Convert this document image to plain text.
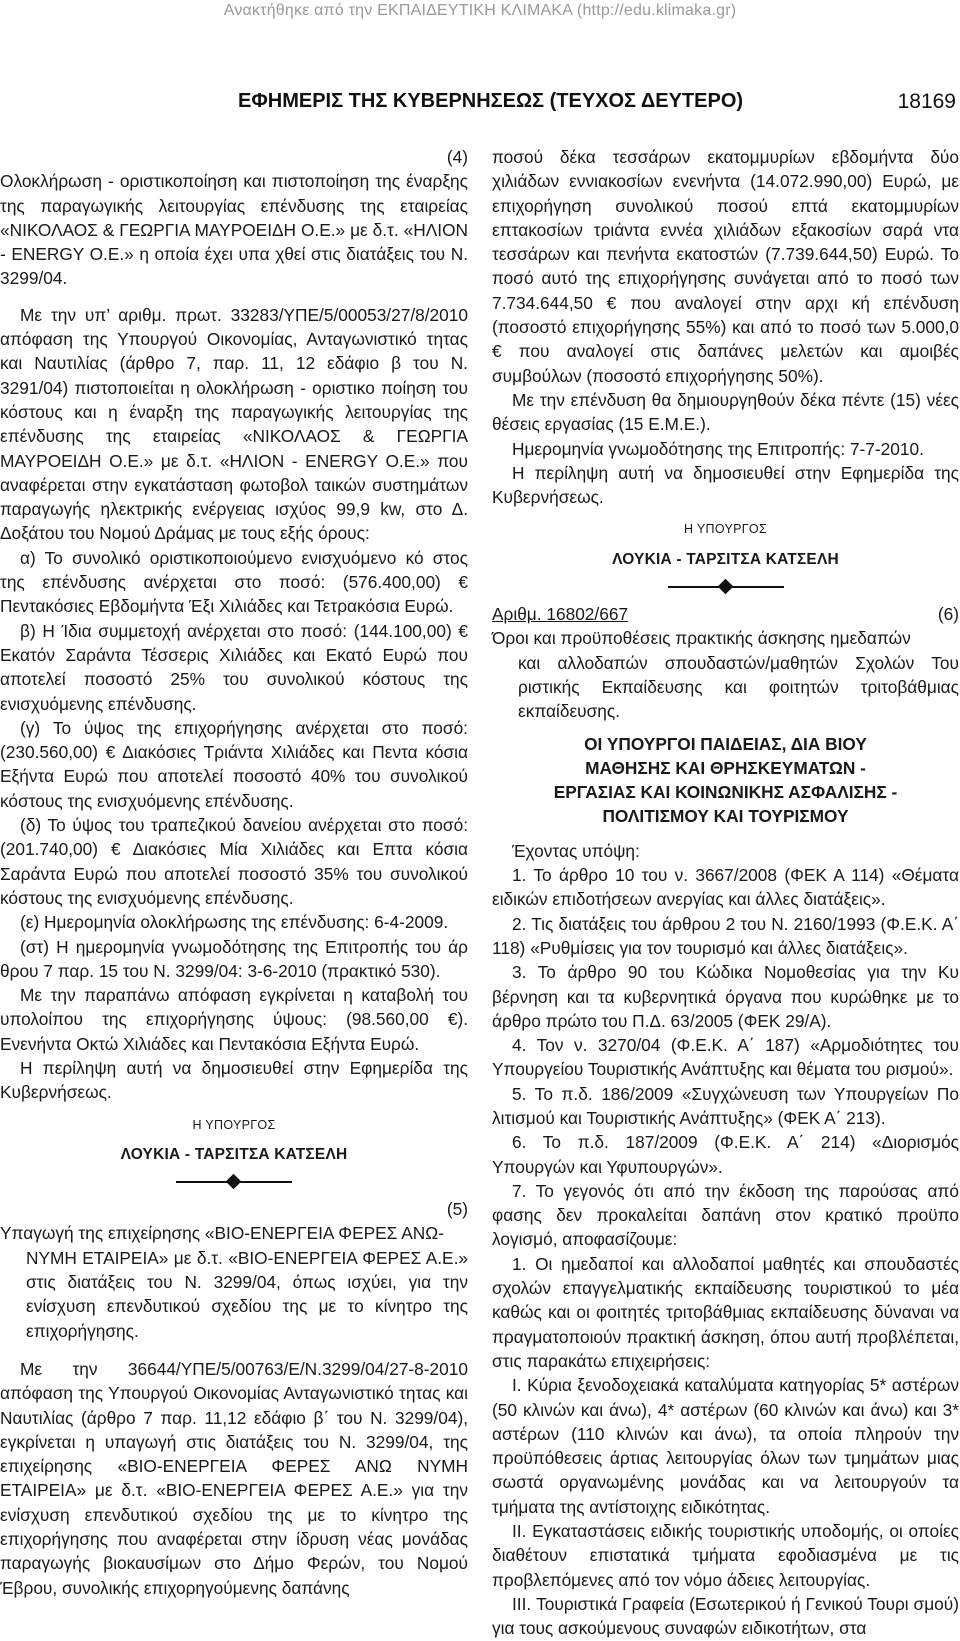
Ανακτήθηκε από την ΕΚΠΑΙΔΕΥΤΙΚΗ ΚΛΙΜΑΚΑ (http://edu.klimaka.gr)
ΕΦΗΜΕΡΙΣ ΤΗΣ ΚΥΒΕΡΝΗΣΕΩΣ (ΤΕΥΧΟΣ ΔΕΥΤΕΡΟ)	18169

(4)

Ολοκλήρωση - οριστικοποίηση και πιστοποίηση της έναρξης της παραγωγικής λειτουργίας επένδυσης της εταιρείας «ΝΙΚΟΛΑΟΣ & ΓΕΩΡΓΙΑ ΜΑΥΡΟΕΙΔΗ Ο.Ε.» με δ.τ. «ΗΛΙΟΝ - ENERGY Ο.Ε.» η οποία έχει υπα χθεί στις διατάξεις του Ν. 3299/04.

Με την υπ’ αριθμ. πρωτ. 33283/ΥΠΕ/5/00053/27/8/2010 απόφαση της Υπουργού Οικονομίας, Ανταγωνιστικό τητας και Ναυτιλίας (άρθρο 7, παρ. 11, 12 εδάφιο β του Ν. 3291/04) πιστοποιείται η ολοκλήρωση - οριστικο ποίηση του κόστους και η έναρξη της παραγωγικής λειτουργίας της επένδυσης της εταιρείας «ΝΙΚΟΛΑΟΣ & ΓΕΩΡΓΙΑ ΜΑΥΡΟΕΙΔΗ Ο.Ε.» με δ.τ. «ΗΛΙΟΝ - ENERGY Ο.Ε.» που αναφέρεται στην εγκατάσταση φωτοβολ ταικών συστημάτων παραγωγής ηλεκτρικής ενέργειας ισχύος 99,9 kw, στο Δ. Δοξάτου του Νομού Δράμας με τους εξής όρους:

α) Το συνολικό οριστικοποιούμενο ενισχυόμενο κό στος της επένδυσης ανέρχεται στο ποσό: (576.400,00) € Πεντακόσιες Εβδομήντα Έξι Χιλιάδες και Τετρακόσια Ευρώ.

β) Η Ίδια συμμετοχή ανέρχεται στο ποσό: (144.100,00) € Εκατόν Σαράντα Τέσσερις Χιλιάδες και Εκατό Ευρώ που αποτελεί ποσοστό 25% του συνολικού κόστους της ενισχυόμενης επένδυσης.

(γ) Το ύψος της επιχορήγησης ανέρχεται στο ποσό: (230.560,00) € Διακόσιες Τριάντα Χιλιάδες και Πεντα κόσια Εξήντα Ευρώ που αποτελεί ποσοστό 40% του συνολικού κόστους της ενισχυόμενης επένδυσης.

(δ) Το ύψος του τραπεζικού δανείου ανέρχεται στο ποσό: (201.740,00) € Διακόσιες Μία Χιλιάδες και Επτα κόσια Σαράντα Ευρώ που αποτελεί ποσοστό 35% του συνολικού κόστους της ενισχυόμενης επένδυσης.

(ε) Ημερομηνία ολοκλήρωσης της επένδυσης: 6-4-2009.

(στ) Η ημερομηνία γνωμοδότησης της Επιτροπής του άρ θρου 7 παρ. 15 του Ν. 3299/04: 3-6-2010 (πρακτικό 530).

Με την παραπάνω απόφαση εγκρίνεται η καταβολή του υπολοίπου της επιχορήγησης ύψους: (98.560,00 €). Ενενήντα Οκτώ Χιλιάδες και Πεντακόσια Εξήντα Ευρώ.

Η περίληψη αυτή να δημοσιευθεί στην Εφημερίδα της Κυβερνήσεως.

Η ΥΠΟΥΡΓΟΣ

ΛΟΥΚΙΑ - ΤΑΡΣΙΤΣΑ ΚΑΤΣΕΛΗ

(5)

Υπαγωγή της επιχείρησης «ΒΙΟ-ΕΝΕΡΓΕΙΑ ΦΕΡΕΣ ΑΝΩ-

ΝΥΜΗ ΕΤΑΙΡΕΙΑ» με δ.τ. «ΒΙΟ-ΕΝΕΡΓΕΙΑ ΦΕΡΕΣ Α.Ε.» στις διατάξεις του Ν. 3299/04, όπως ισχύει, για την ενίσχυση επενδυτικού σχεδίου της με το κίνητρο της επιχορήγησης.

Με την 36644/ΥΠΕ/5/00763/Ε/Ν.3299/04/27-8-2010 απόφαση της Υπουργού Οικονομίας Ανταγωνιστικό τητας και Ναυτιλίας (άρθρο 7 παρ. 11,12 εδάφιο β΄ του Ν. 3299/04), εγκρίνεται η υπαγωγή στις διατάξεις του Ν. 3299/04, της επιχείρησης «ΒΙΟ-ΕΝΕΡΓΕΙΑ ΦΕΡΕΣ ΑΝΩ ΝΥΜΗ ΕΤΑΙΡΕΙΑ» με δ.τ. «ΒΙΟ-ΕΝΕΡΓΕΙΑ ΦΕΡΕΣ Α.Ε.» για την ενίσχυση επενδυτικού σχεδίου της με το κίνητρο της επιχορήγησης που αναφέρεται στην ίδρυση νέας μονάδας παραγωγής βιοκαυσίμων στο Δήμο Φερών, του Νομού Έβρου, συνολικής επιχορηγούμενης δαπάνης

ποσού δέκα τεσσάρων εκατομμυρίων εβδομήντα δύο χιλιάδων εννιακοσίων ενενήντα (14.072.990,00) Ευρώ, με επιχορήγηση συνολικού ποσού επτά εκατομμυρίων επτακοσίων τριάντα εννέα χιλιάδων εξακοσίων σαρά ντα τεσσάρων και πενήντα εκατοστών (7.739.644,50) Ευρώ. Το ποσό αυτό της επιχορήγησης συνάγεται από το ποσό των 7.734.644,50 € που αναλογεί στην αρχι κή επένδυση (ποσοστό επιχορήγησης 55%) και από το ποσό των 5.000,0 € που αναλογεί στις δαπάνες μελετών και αμοιβές συμβούλων (ποσοστό επιχορήγησης 50%).

Με την επένδυση θα δημιουργηθούν δέκα πέντε (15) νέες θέσεις εργασίας (15 Ε.Μ.Ε.).

Ημερομηνία γνωμοδότησης της Επιτροπής: 7-7-2010.

Η περίληψη αυτή να δημοσιευθεί στην Εφημερίδα της Κυβερνήσεως.

Η ΥΠΟΥΡΓΟΣ

ΛΟΥΚΙΑ - ΤΑΡΣΙΤΣΑ ΚΑΤΣΕΛΗ

Αριθμ. 16802/667	(6)

Όροι και προϋποθέσεις πρακτικής άσκησης ημεδαπών

και αλλοδαπών σπουδαστών/μαθητών Σχολών Του ριστικής Εκπαίδευσης και φοιτητών τριτοβάθμιας εκπαίδευσης.

ΟΙ ΥΠΟΥΡΓΟΙ ΠΑΙΔΕΙΑΣ, ΔΙΑ ΒΙΟΥ
ΜΑΘΗΣΗΣ ΚΑΙ ΘΡΗΣΚΕΥΜΑΤΩΝ -
ΕΡΓΑΣΙΑΣ ΚΑΙ ΚΟΙΝΩΝΙΚΗΣ ΑΣΦΑΛΙΣΗΣ -
ΠΟΛΙΤΙΣΜΟΥ ΚΑΙ ΤΟΥΡΙΣΜΟΥ

Έχοντας υπόψη:

1. Το άρθρο 10 του ν. 3667/2008 (ΦΕΚ Α 114) «Θέματα ειδικών επιδοτήσεων ανεργίας και άλλες διατάξεις».

2. Τις διατάξεις του άρθρου 2 του Ν. 2160/1993 (Φ.Ε.Κ. Α΄ 118) «Ρυθμίσεις για τον τουρισμό και άλλες διατάξεις».

3. Το άρθρο 90 του Κώδικα Νομοθεσίας για την Κυ βέρνηση και τα κυβερνητικά όργανα που κυρώθηκε με το άρθρο πρώτο του Π.Δ. 63/2005 (ΦΕΚ 29/Α).

4. Τον ν. 3270/04 (Φ.Ε.Κ. Α΄ 187) «Αρμοδιότητες του Υπουργείου Τουριστικής Ανάπτυξης και θέματα του ρισμού».

5. Το π.δ. 186/2009 «Συγχώνευση των Υπουργείων Πο λιτισμού και Τουριστικής Ανάπτυξης» (ΦΕΚ Α΄ 213).

6. Το π.δ. 187/2009 (Φ.Ε.Κ. Α΄ 214) «Διορισμός Υπουργών και Υφυπουργών».

7. Το γεγονός ότι από την έκδοση της παρούσας από φασης δεν προκαλείται δαπάνη στον κρατικό προϋπο λογισμό, αποφασίζουμε:

1. Οι ημεδαποί και αλλοδαποί μαθητές και σπουδαστές σχολών επαγγελματικής εκπαίδευσης τουριστικού το μέα καθώς και οι φοιτητές τριτοβάθμιας εκπαίδευσης δύναναι να πραγματοποιούν πρακτική άσκηση, όπου αυτή προβλέπεται, στις παρακάτω επιχειρήσεις:

I. Κύρια ξενοδοχειακά καταλύματα κατηγορίας 5* αστέρων (50 κλινών και άνω), 4* αστέρων (60 κλινών και άνω) και 3* αστέρων (110 κλινών και άνω), τα οποία πληρούν την προϋπόθεσεις άρτιας λειτουργίας όλων των τμημάτων μιας σωστά οργανωμένης μονάδας και να λειτουργούν τα τμήματα της αντίστοιχης ειδικότητας.

II. Εγκαταστάσεις ειδικής τουριστικής υποδομής, οι οποίες διαθέτουν επιστατικά τμήματα εφοδιασμένα με τις προβλεπόμενες από τον νόμο άδειες λειτουργίας.

III. Τουριστικά Γραφεία (Εσωτερικού ή Γενικού Τουρι σμού) για τους ασκούμενους συναφών ειδικοτήτων, στα
